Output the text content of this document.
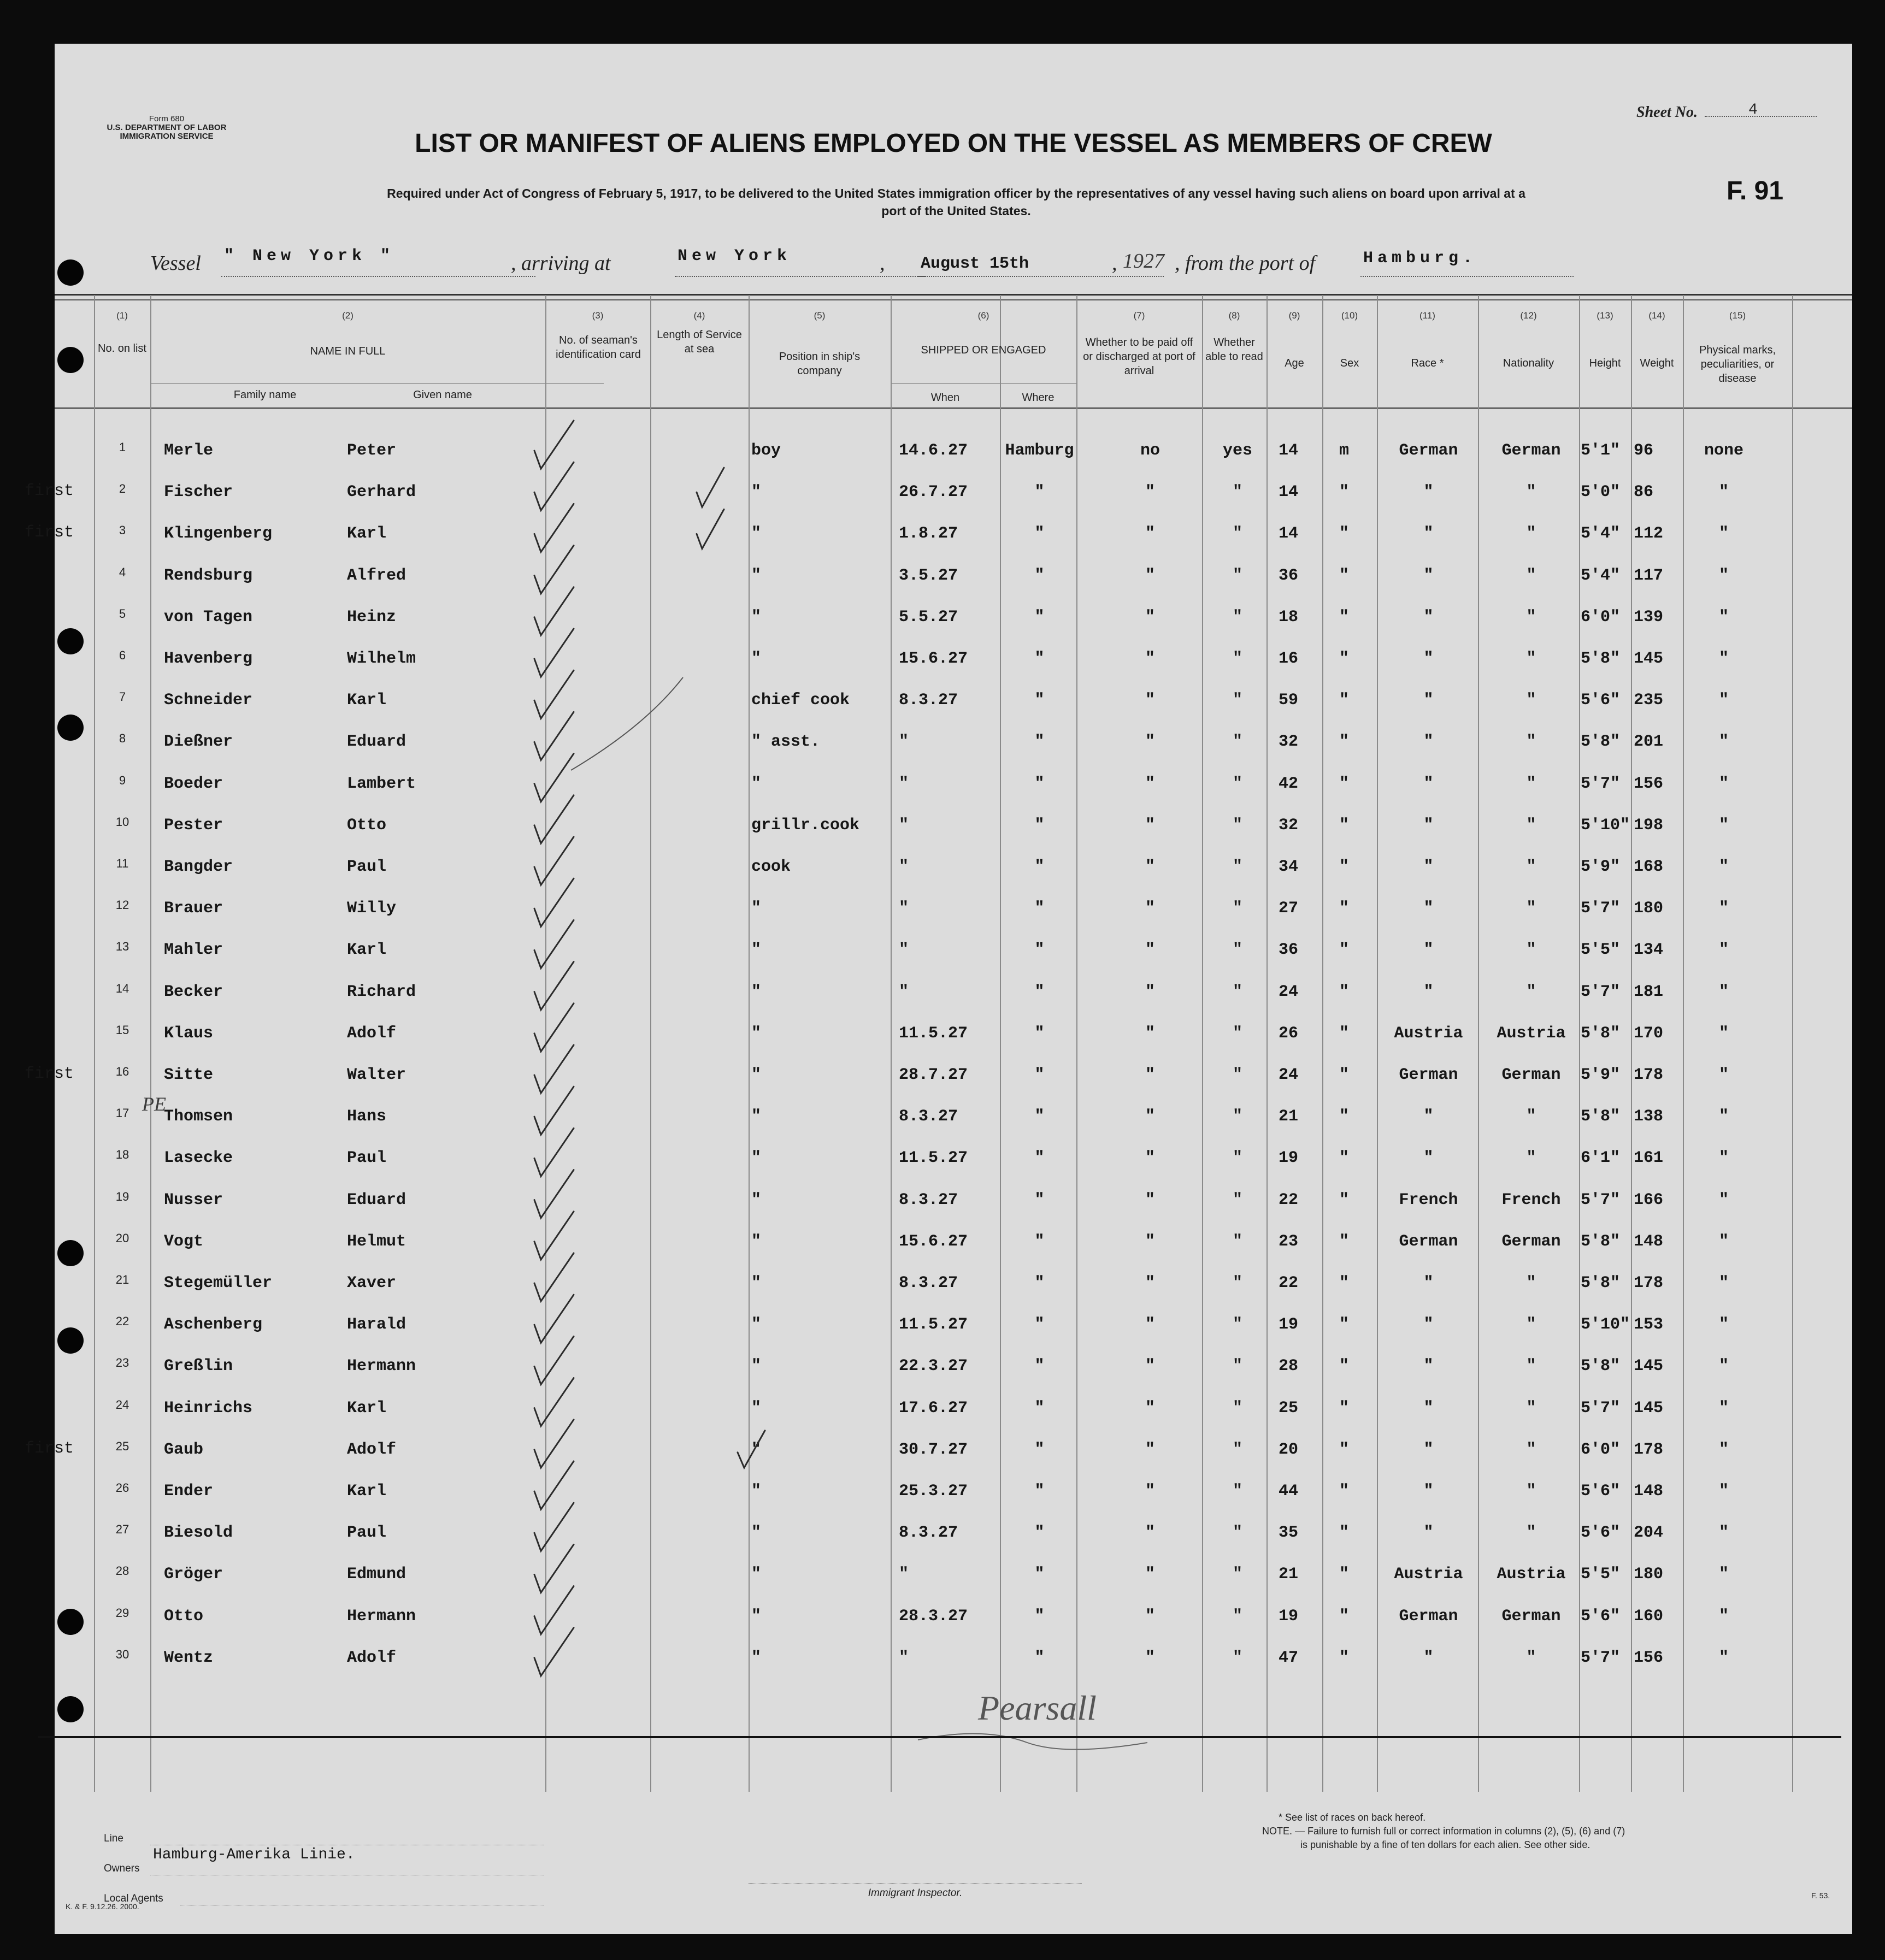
Form 680
U.S. DEPARTMENT OF LABOR
IMMIGRATION SERVICE	LIST OR MANIFEST OF ALIENS EMPLOYED ON THE VESSEL AS MEMBERS OF CREW
Required under Act of Congress of February 5, 1917, to be delivered to the United States immigration officer by the representatives of any vessel having such aliens on board upon arrival at a
port of the United States.
Sheet No.	4
F. 91
Vessel " New York "	, arriving at	New York	, August 15th	, 1927 , from the port of	Hamburg.
(1)	(2)	(3)	(4)	(5)	(6)	(7)	(8)	(9)	(10)	(11)	(12)	(13)	(14)	(15)
No. on list	NAME IN FULL
Family name	Given name
No. of seaman's identification card
Length of Service at sea
Position in ship's company
SHIPPED OR ENGAGED
When	Where
Whether to be paid off or discharged at port of arrival
Whether able to read
Age	Sex	Race *	Nationality	Height	Weight
Physical marks, peculiarities, or disease
1	Merle	Peter	boy	14.6.27 Hamburg	no	yes	14	m	German	German	5'1" 96	none
2	Fischer	Gerhard	"	26.7.27	"	"	"	14	"	"	"	5'0" 86	"
first
3	Klingenberg	Karl	"	1.8.27	"	"	"	14	"	"	"	5'4" 112	"
first
4	Rendsburg	Alfred	"	3.5.27	"	"	"	36	"	"	"	5'4" 117	"
5	von Tagen	Heinz	"	5.5.27	"	"	"	18	"	"	"	6'0" 139	"
6	Havenberg	Wilhelm	"	15.6.27	"	"	"	16	"	"	"	5'8" 145	"
7	Schneider	Karl	chief cook	8.3.27	"	"	"	59	"	"	"	5'6" 235	"
8	Dießner	Eduard	" asst.	"	"	"	"	32	"	"	"	5'8" 201	"
9	Boeder	Lambert	"	"	"	"	"	42	"	"	"	5'7" 156	"
10	Pester	Otto	grillr.cook "	"	"	"	32	"	"	"	5'10" 198	"
11	Bangder	Paul	cook	"	"	"	"	34	"	"	"	5'9" 168	"
12	Brauer	Willy	"	"	"	"	"	27	"	"	"	5'7" 180	"
13	Mahler	Karl	"	"	"	"	"	36	"	"	"	5'5" 134	"
14	Becker	Richard	"	"	"	"	"	24	"	"	"	5'7" 181	"
15	Klaus	Adolf	"	11.5.27	"	"	"	26	"	Austria	Austria 5'8" 170	"
16	Sitte	Walter	"	28.7.27	"	"	"	24	"	German	German	5'9" 178	"
first
17	Thomsen	Hans	"	8.3.27	"	"	"	21	"	"	"	5'8" 138	"
18	Lasecke	Paul	"	11.5.27	"	"	"	19	"	"	"	6'1" 161	"
19	Nusser	Eduard	"	8.3.27	"	"	"	22	"	French	French	5'7" 166	"
20	Vogt	Helmut	"	15.6.27	"	"	"	23	"	German	German	5'8" 148	"
21	Stegemüller	Xaver	"	8.3.27	"	"	"	22	"	"	"	5'8" 178	"
22	Aschenberg	Harald	"	11.5.27	"	"	"	19	"	"	"	5'10" 153	"
23	Greßlin	Hermann	"	22.3.27	"	"	"	28	"	"	"	5'8" 145	"
24	Heinrichs	Karl	"	17.6.27	"	"	"	25	"	"	"	5'7" 145	"
25	Gaub	Adolf	"	30.7.27	"	"	"	20	"	"	"	6'0" 178	"
first
26	Ender	Karl	"	25.3.27	"	"	"	44	"	"	"	5'6" 148	"
27	Biesold	Paul	"	8.3.27	"	"	"	35	"	"	"	5'6" 204	"
28	Gröger	Edmund	"	"	"	"	"	21	"	Austria	Austria 5'5" 180	"
29	Otto	Hermann	"	28.3.27	"	"	"	19	"	German	German	5'6" 160	"
30	Wentz	Adolf	"	"	"	"	"	47	"	"	"	5'7" 156	"
PE
Pearsall
Line
Owners
Hamburg-Amerika Linie.
Local Agents	Immigrant Inspector.
* See list of races on back hereof.
NOTE. — Failure to furnish full or correct information in columns (2), (5), (6) and (7)
is punishable by a fine of ten dollars for each alien. See other side.
K. & F. 9.12.26. 2000.
F. 53.
